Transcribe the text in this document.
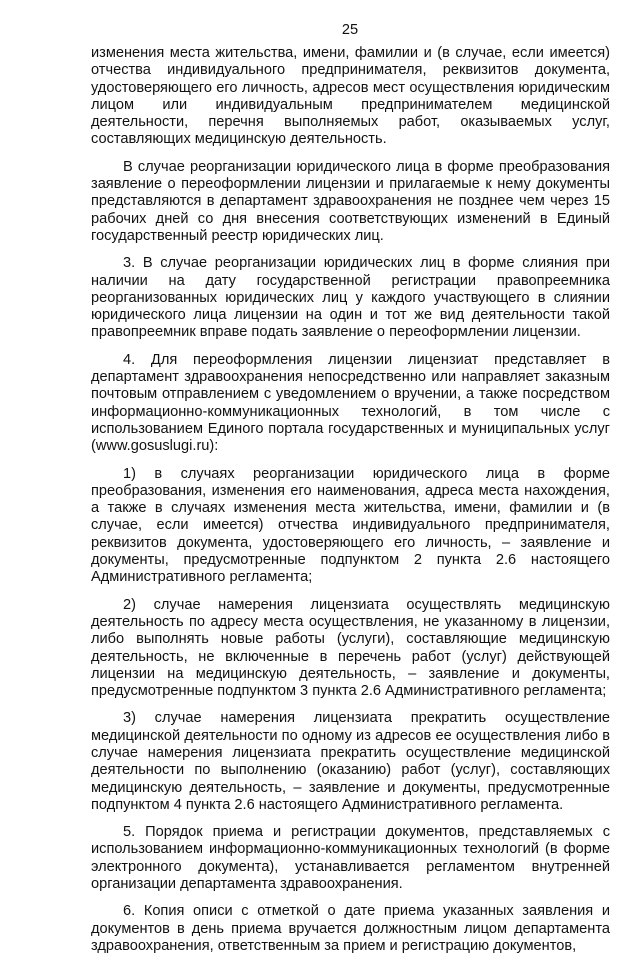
25

изменения места жительства, имени, фамилии и (в случае, если имеется) отчества индивидуального предпринимателя, реквизитов документа, удостоверяющего его личность, адресов мест осуществления юридическим лицом или индивидуальным предпринимателем медицинской деятельности, перечня выполняемых работ, оказываемых услуг, составляющих медицинскую деятельность.

В случае реорганизации юридического лица в форме преобразования заявление о переоформлении лицензии и прилагаемые к нему документы представляются в департамент здравоохранения не позднее чем через 15 рабочих дней со дня внесения соответствующих изменений в Единый государственный реестр юридических лиц.

3. В случае реорганизации юридических лиц в форме слияния при наличии на дату государственной регистрации правопреемника реорганизованных юридических лиц у каждого участвующего в слиянии юридического лица лицензии на один и тот же вид деятельности такой правопреемник вправе подать заявление о переоформлении лицензии.

4. Для переоформления лицензии лицензиат представляет в департамент здравоохранения непосредственно или направляет заказным почтовым отправлением с уведомлением о вручении, а также посредством информационно-коммуникационных технологий, в том числе с использованием Единого портала государственных и муниципальных услуг (www.gosuslugi.ru):

1) в случаях реорганизации юридического лица в форме преобразования, изменения его наименования, адреса места нахождения, а также в случаях изменения места жительства, имени, фамилии и (в случае, если имеется) отчества индивидуального предпринимателя, реквизитов документа, удостоверяющего его личность, – заявление и документы, предусмотренные подпунктом 2 пункта 2.6 настоящего Административного регламента;

2) случае намерения лицензиата осуществлять медицинскую деятельность по адресу места осуществления, не указанному в лицензии, либо выполнять новые работы (услуги), составляющие медицинскую деятельность, не включенные в перечень работ (услуг) действующей лицензии на медицинскую деятельность, – заявление и документы, предусмотренные подпунктом 3 пункта 2.6 Административного регламента;

3) случае намерения лицензиата прекратить осуществление медицинской деятельности по одному из адресов ее осуществления либо в случае намерения лицензиата прекратить осуществление медицинской деятельности по выполнению (оказанию) работ (услуг), составляющих медицинскую деятельность, – заявление и документы, предусмотренные подпунктом 4 пункта 2.6 настоящего Административного регламента.

5. Порядок приема и регистрации документов, представляемых с использованием информационно-коммуникационных технологий (в форме электронного документа), устанавливается регламентом внутренней организации департамента здравоохранения.

6. Копия описи с отметкой о дате приема указанных заявления и документов в день приема вручается должностным лицом департамента здравоохранения, ответственным за прием и регистрацию документов,
